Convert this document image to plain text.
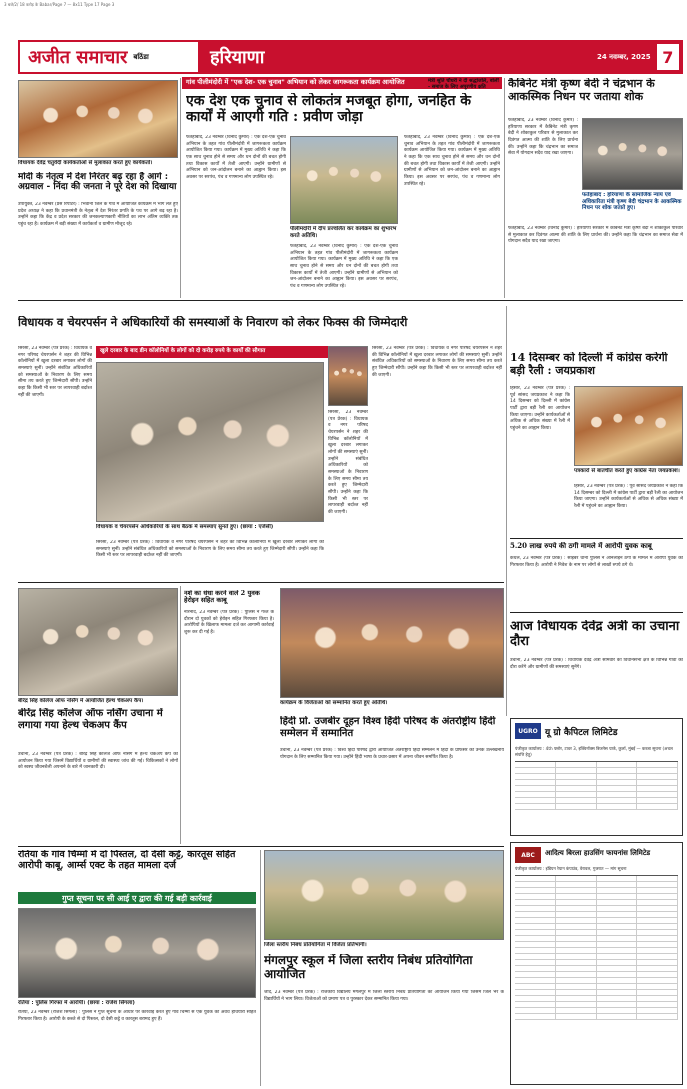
3 बजे/2/ 18 करोड़ के Babar/Page 7 — 8x11 Type 17 Page 3
अजीत समाचार बठिंडा	हरियाणा	24 नवम्बर, 2025 7
विधायक देवेंद्र चतुर्वेदी कार्यकर्ताओं से मुलाकात करते हुए कार्यकर्ता।
मोदी के नेतृत्व में देश निरंतर बढ़ रहा है आगे : अग्रवाल - निंदा की जनता ने पूरे देश को दिखाया
उपायुक्त, 23 नवम्बर (प्रेस रिपोर्टर) : भिवानी जिले के गांव में आयोजित कार्यक्रम में भाग लेते हुए प्रदेश अध्यक्ष ने कहा कि प्रधानमंत्री के नेतृत्व में देश निरंतर प्रगति के पथ पर आगे बढ़ रहा है। उन्होंने कहा कि केंद्र व प्रदेश सरकार की जनकल्याणकारी नीतियों का लाभ अंतिम व्यक्ति तक पहुंच रहा है। कार्यक्रम में बड़ी संख्या में कार्यकर्ता व ग्रामीण मौजूद रहे।
गांव पीलीमंदोरी में "एक देश- एक चुनाव" अभियान को लेकर जागरूकता कार्यक्रम आयोजित
एक देश एक चुनाव से लोकतंत्र मजबूत होगा, जनहित के कार्यों में आएगी गति : प्रवीण जोड़ा
फतेहाबाद, 23 नवम्बर (विनोद कुमार) : एक देश-एक चुनाव अभियान के तहत गांव पीलीमंदोरी में जागरूकता कार्यक्रम आयोजित किया गया। कार्यक्रम में मुख्य अतिथि ने कहा कि एक साथ चुनाव होने से समय और धन दोनों की बचत होगी तथा विकास कार्यों में तेजी आएगी। उन्होंने ग्रामीणों से अभियान को जन-आंदोलन बनाने का आह्वान किया। इस अवसर पर सरपंच, पंच व गणमान्य लोग उपस्थित रहे।
पीलीमंदोरी में दीप प्रज्वलित कर कार्यक्रम का शुभारंभ करते अतिथि।
फतेहाबाद, 23 नवम्बर (विनोद कुमार) : एक देश-एक चुनाव अभियान के तहत गांव पीलीमंदोरी में जागरूकता कार्यक्रम आयोजित किया गया। कार्यक्रम में मुख्य अतिथि ने कहा कि एक साथ चुनाव होने से समय और धन दोनों की बचत होगी तथा विकास कार्यों में तेजी आएगी। उन्होंने ग्रामीणों से अभियान को जन-आंदोलन बनाने का आह्वान किया। इस अवसर पर सरपंच, पंच व गणमान्य लोग उपस्थित रहे।
फतेहाबाद, 23 नवम्बर (विनोद कुमार) : एक देश-एक चुनाव अभियान के तहत गांव पीलीमंदोरी में जागरूकता कार्यक्रम आयोजित किया गया। कार्यक्रम में मुख्य अतिथि ने कहा कि एक साथ चुनाव होने से समय और धन दोनों की बचत होगी तथा विकास कार्यों में तेजी आएगी। उन्होंने ग्रामीणों से अभियान को जन-आंदोलन बनाने का आह्वान किया। इस अवसर पर सरपंच, पंच व गणमान्य लोग उपस्थित रहे।
मंत्री श्रुति चौधरी ने दी श्रद्धांजलि, बोलीं - समाज के लिए अपूरणीय क्षति	कैबिनेट मंत्री कृष्ण बेदी ने चंद्रभान के आकस्मिक निधन पर जताया शोक
फतेहाबाद, 23 नवम्बर (विनोद कुमार) : हरियाणा सरकार में कैबिनेट मंत्री कृष्ण बेदी ने शोकाकुल परिवार से मुलाकात कर दिवंगत आत्मा की शांति के लिए प्रार्थना की। उन्होंने कहा कि चंद्रभान का समाज सेवा में योगदान सदैव याद रखा जाएगा।
फतेहाबाद : हरियाणा के सामाजिक न्याय एवं अधिकारिता मंत्री कृष्ण बेदी चंद्रभान के आकस्मिक निधन पर शोक जताते हुए।
फतेहाबाद, 23 नवम्बर (विनोद कुमार) : हरियाणा सरकार में कैबिनेट मंत्री कृष्ण बेदी ने शोकाकुल परिवार से मुलाकात कर दिवंगत आत्मा की शांति के लिए प्रार्थना की। उन्होंने कहा कि चंद्रभान का समाज सेवा में योगदान सदैव याद रखा जाएगा।
विधायक व चेयरपर्सन ने अधिकारियों की समस्याओं के निवारण को लेकर फिक्स की जिम्मेदारी
खुले दरबार के बाद डीन कॉलोनियों के लोगों को दो करोड़ रुपये के कार्यों की सौगात
सिरसा, 23 नवम्बर (पत्र प्रेरक) : विधायक व नगर परिषद चेयरपर्सन ने शहर की विभिन्न कॉलोनियों में खुला दरबार लगाकर लोगों की समस्याएं सुनीं। उन्होंने संबंधित अधिकारियों को समस्याओं के निवारण के लिए समय सीमा तय करते हुए जिम्मेदारी सौंपी। उन्होंने कहा कि किसी भी स्तर पर लापरवाही बर्दाश्त नहीं की जाएगी।
विधायक व चेयरपर्सन अधिकारियों के साथ बैठक में समस्याएं सुनते हुए। (छाया : एजेंसी)
सिरसा, 23 नवम्बर (पत्र प्रेरक) : विधायक व नगर परिषद चेयरपर्सन ने शहर की विभिन्न कॉलोनियों में खुला दरबार लगाकर लोगों की समस्याएं सुनीं। उन्होंने संबंधित अधिकारियों को समस्याओं के निवारण के लिए समय सीमा तय करते हुए जिम्मेदारी सौंपी। उन्होंने कहा कि किसी भी स्तर पर लापरवाही बर्दाश्त नहीं की जाएगी।
सिरसा, 23 नवम्बर (पत्र प्रेरक) : विधायक व नगर परिषद चेयरपर्सन ने शहर की विभिन्न कॉलोनियों में खुला दरबार लगाकर लोगों की समस्याएं सुनीं। उन्होंने संबंधित अधिकारियों को समस्याओं के निवारण के लिए समय सीमा तय करते हुए जिम्मेदारी सौंपी। उन्होंने कहा कि किसी भी स्तर पर लापरवाही बर्दाश्त नहीं की जाएगी।
सिरसा, 23 नवम्बर (पत्र प्रेरक) : विधायक व नगर परिषद चेयरपर्सन ने शहर की विभिन्न कॉलोनियों में खुला दरबार लगाकर लोगों की समस्याएं सुनीं। उन्होंने संबंधित अधिकारियों को समस्याओं के निवारण के लिए समय सीमा तय करते हुए जिम्मेदारी सौंपी। उन्होंने कहा कि किसी भी स्तर पर लापरवाही बर्दाश्त नहीं की जाएगी।
14 दिसम्बर को दिल्ली में कांग्रेस करेगी बड़ी रैली : जयप्रकाश
हिसार, 23 नवम्बर (पत्र प्रेरक) : पूर्व सांसद जयप्रकाश ने कहा कि 14 दिसम्बर को दिल्ली में कांग्रेस पार्टी द्वारा बड़ी रैली का आयोजन किया जाएगा। उन्होंने कार्यकर्ताओं से अधिक से अधिक संख्या में रैली में पहुंचने का आह्वान किया।
पत्रकारों से बातचीत करते हुए कांग्रेस नेता जयप्रकाश।
हिसार, 23 नवम्बर (पत्र प्रेरक) : पूर्व सांसद जयप्रकाश ने कहा कि 14 दिसम्बर को दिल्ली में कांग्रेस पार्टी द्वारा बड़ी रैली का आयोजन किया जाएगा। उन्होंने कार्यकर्ताओं से अधिक से अधिक संख्या में रैली में पहुंचने का आह्वान किया।
5.20 लाख रुपये की ठगी मामले में आरोपी युवक काबू
कैथल, 23 नवम्बर (पत्र प्रेरक) : साइबर थाना पुलिस ने ऑनलाइन ठगी के मामले में आरोपी युवक को गिरफ्तार किया है। आरोपी ने निवेश के नाम पर लोगों से लाखों रुपये ठगे थे।
आज विधायक देवेंद्र अत्री का उचाना दौरा
उचाना, 23 नवम्बर (पत्र प्रेरक) : विधायक देवेंद्र अत्री सोमवार को विधानसभा क्षेत्र के विभिन्न गांवों का दौरा करेंगे और ग्रामीणों की समस्याएं सुनेंगे।
बीरेंद्र सिंह कॉलेज ऑफ नर्सिंग में आयोजित हेल्थ चेकअप कैंप।
बीरेंद्र सिंह कॉलेज ऑफ नर्सिंग उचाना में लगाया गया हेल्थ चेकअप कैंप
उचाना, 23 नवम्बर (पत्र प्रेरक) : बीरेंद्र सिंह कॉलेज ऑफ नर्सिंग में हेल्थ चेकअप कैंप का आयोजन किया गया जिसमें विद्यार्थियों व ग्रामीणों की स्वास्थ्य जांच की गई। चिकित्सकों ने लोगों को स्वस्थ जीवनशैली अपनाने के बारे में जानकारी दी।
नशे का धंधा करने वाले 2 युवक हेरोइन सहित काबू
नारनौंद, 23 नवम्बर (पत्र प्रेरक) : पुलिस ने गश्त के दौरान दो युवकों को हेरोइन सहित गिरफ्तार किया है। आरोपियों के खिलाफ मामला दर्ज कर आगामी कार्रवाई शुरू कर दी गई है।
कार्यक्रम के विजेताओं को सम्मानित करते हुए अतिथि।
हिंदी प्रो. उजबीर दूहन विश्व हिंदी परिषद के अंतर्राष्ट्रीय हिंदी सम्मेलन में सम्मानित
उचाना, 23 नवम्बर (पत्र प्रेरक) : विश्व हिंदी परिषद द्वारा आयोजित अंतर्राष्ट्रीय हिंदी सम्मेलन में हिंदी के प्रोफेसर को उनके उल्लेखनीय योगदान के लिए सम्मानित किया गया। उन्होंने हिंदी भाषा के प्रचार-प्रसार में अपना जीवन समर्पित किया है।
UGRO यू ग्रो कैपिटल लिमिटेड
पंजीकृत कार्यालय : 4th फ्लोर, टावर 3, इक्विनॉक्स बिजनेस पार्क, कुर्ला, मुंबई — कब्जा सूचना (अचल संपत्ति हेतु)
ABC	आदित्य बिरला हाउसिंग फायनांस लिमिटेड
पंजीकृत कार्यालय : इंडियन रेयान कंपाउंड, वेरावल, गुजरात — मांग सूचना
रतिया के गांव चिम्मो में दो पिस्तल, दो देसी कट्टे, कारतूस सहित आरोपी काबू, आर्म्स एक्ट के तहत मामला दर्ज
गुप्त सूचना पर सी आई ए द्वारा की गई बड़ी कार्रवाई
रतिया : पुलिस गिरफ्त में आरोपी। (छाया : राजेश सिंगला)
रतिया, 23 नवम्बर (राजेश सिंगला) : पुलिस ने गुप्त सूचना के आधार पर कार्रवाई करते हुए गांव चिम्मो से एक युवक को अवैध हथियारों सहित गिरफ्तार किया है। आरोपी के कब्जे से दो पिस्तल, दो देसी कट्टे व कारतूस बरामद हुए हैं।
जिला स्तरीय निबंध प्रतियोगिता में विजेता प्रतिभागी।
मंगलपुर स्कूल में जिला स्तरीय निबंध प्रतियोगिता आयोजित
जींद, 23 नवम्बर (पत्र प्रेरक) : राजकीय विद्यालय मंगलपुर में जिला स्तरीय निबंध प्रतियोगिता का आयोजन किया गया जिसमें जिले भर के विद्यार्थियों ने भाग लिया। विजेताओं को प्रमाण पत्र व पुरस्कार देकर सम्मानित किया गया।
